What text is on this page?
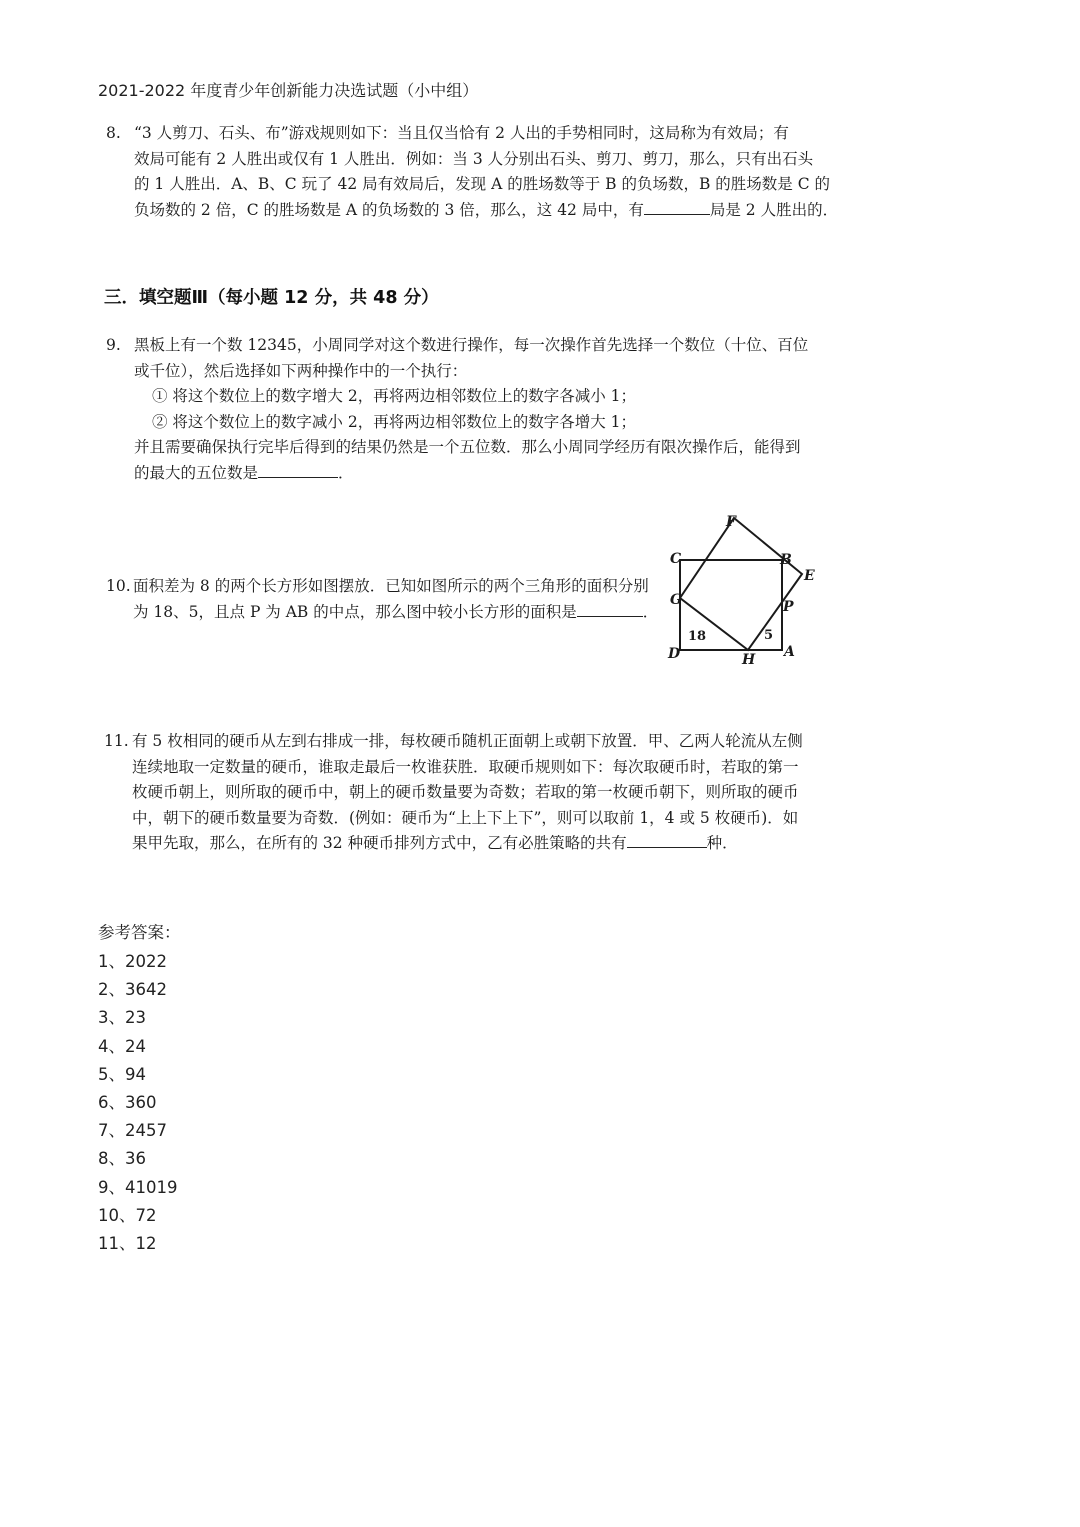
2021-2022 年度青少年创新能力决选试题（小中组）
8. “3 人剪刀、石头、布”游戏规则如下：当且仅当恰有 2 人出的手势相同时，这局称为有效局；有
效局可能有 2 人胜出或仅有 1 人胜出．例如：当 3 人分别出石头、剪刀、剪刀，那么，只有出石头
的 1 人胜出．A、B、C 玩了 42 局有效局后，发现 A 的胜场数等于 B 的负场数，B 的胜场数是 C 的
负场数的 2 倍，C 的胜场数是 A 的负场数的 3 倍，那么，这 42 局中，有	局是 2 人胜出的．
三．填空题Ⅲ（每小题 12 分，共 48 分）
9. 黑板上有一个数 12345，小周同学对这个数进行操作，每一次操作首先选择一个数位（十位、百位
或千位），然后选择如下两种操作中的一个执行：
① 将这个数位上的数字增大 2，再将两边相邻数位上的数字各减小 1；
② 将这个数位上的数字减小 2，再将两边相邻数位上的数字各增大 1；
并且需要确保执行完毕后得到的结果仍然是一个五位数．那么小周同学经历有限次操作后，能得到
的最大的五位数是	．
10. 面积差为 8 的两个长方形如图摆放．已知如图所示的两个三角形的面积分别
为 18、5，且点 P 为 AB 的中点，那么图中较小长方形的面积是	．
F
C	B
E
G	P
D	H A
18	5
11. 有 5 枚相同的硬币从左到右排成一排，每枚硬币随机正面朝上或朝下放置．甲、乙两人轮流从左侧
连续地取一定数量的硬币，谁取走最后一枚谁获胜．取硬币规则如下：每次取硬币时，若取的第一
枚硬币朝上，则所取的硬币中，朝上的硬币数量要为奇数；若取的第一枚硬币朝下，则所取的硬币
中，朝下的硬币数量要为奇数．(例如：硬币为“上上下上下”，则可以取前 1，4 或 5 枚硬币)．如
果甲先取，那么，在所有的 32 种硬币排列方式中，乙有必胜策略的共有	种．
参考答案：
1、2022
2、3642
3、23
4、24
5、94
6、360
7、2457
8、36
9、41019
10、72
11、12
